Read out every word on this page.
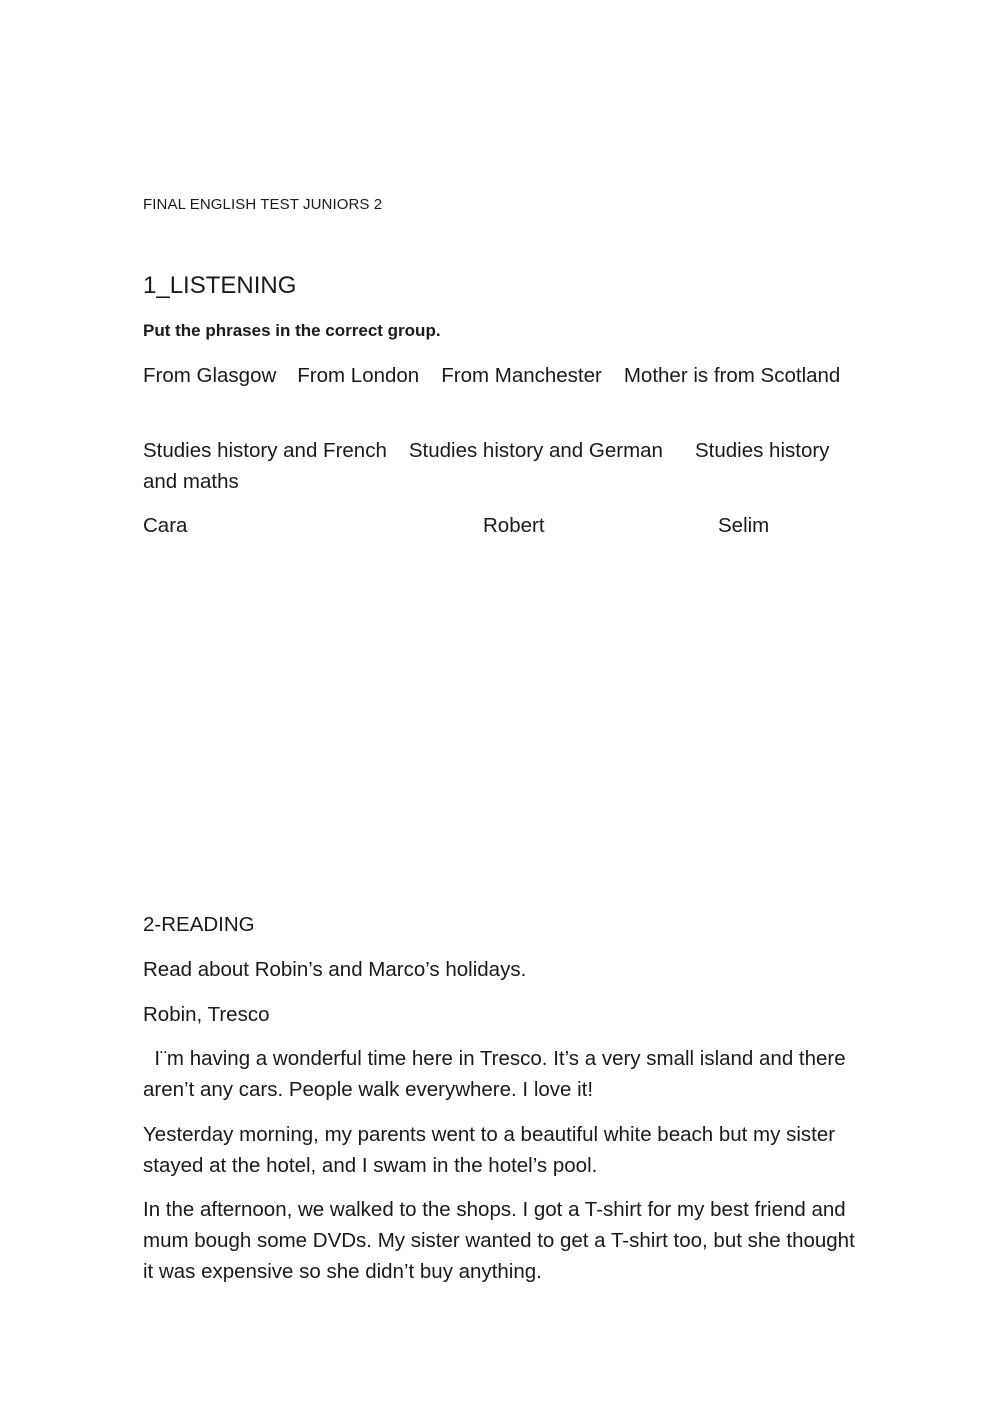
FINAL ENGLISH TEST JUNIORS 2

1_LISTENING

Put the phrases in the correct group.

From Glasgow From London From Manchester Mother is from Scotland

Studies history and French Studies history and German Studies history and maths

Cara	Robert	Selim

2-READING

Read about Robin’s and Marco’s holidays.

Robin, Tresco

I¨m having a wonderful time here in Tresco. It’s a very small island and there aren’t any cars. People walk everywhere. I love it!

Yesterday morning, my parents went to a beautiful white beach but my sister stayed at the hotel, and I swam in the hotel’s pool.

In the afternoon, we walked to the shops. I got a T-shirt for my best friend and mum bough some DVDs. My sister wanted to get a T-shirt too, but she thought it was expensive so she didn’t buy anything.
